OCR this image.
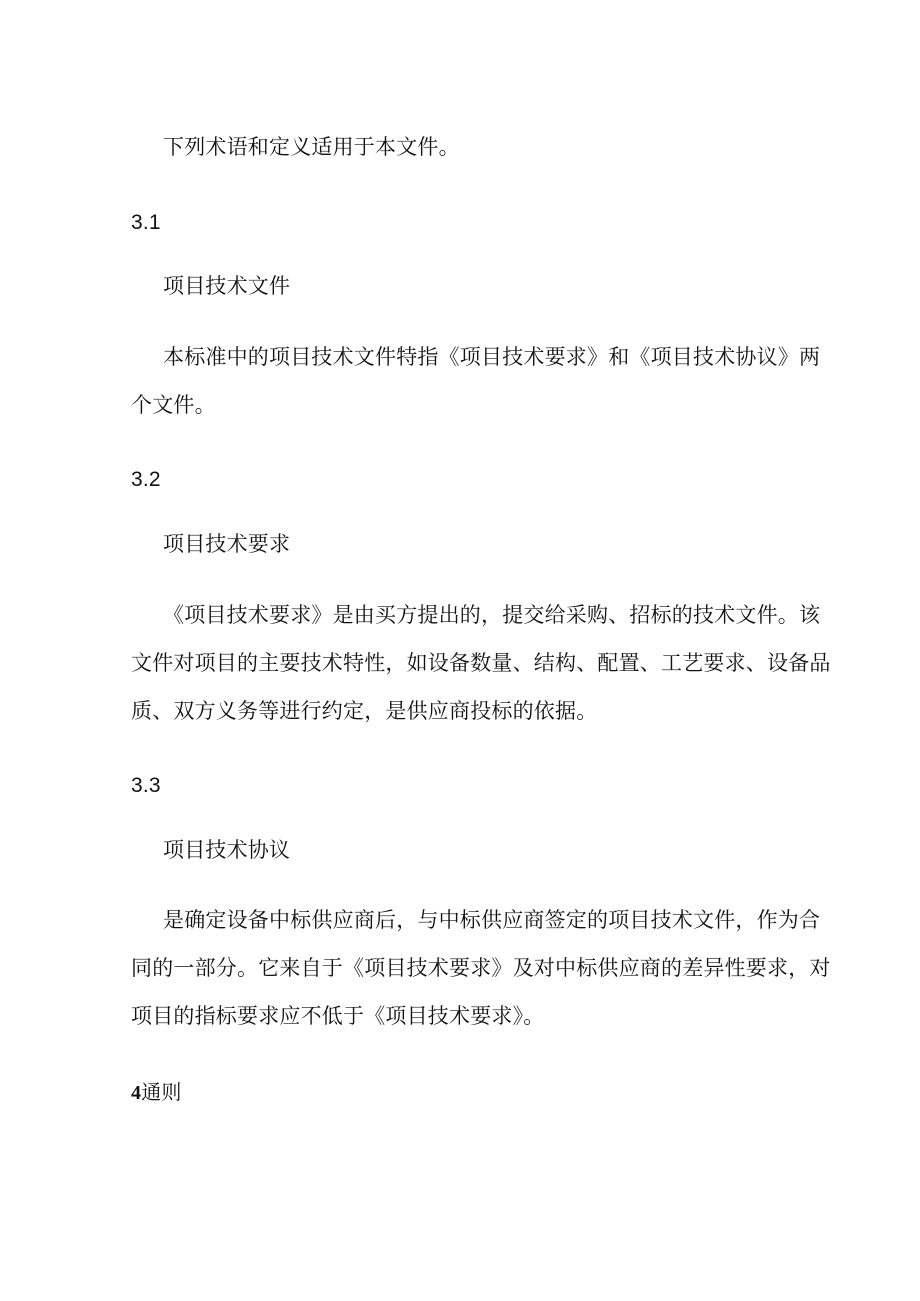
下列术语和定义适用于本文件。

3.1

项目技术文件

本标准中的项目技术文件特指《项目技术要求》和《项目技术协议》两
个文件。

3.2

项目技术要求

《项目技术要求》是由买方提出的，提交给采购、招标的技术文件。该
文件对项目的主要技术特性，如设备数量、结构、配置、工艺要求、设备品
质、双方义务等进行约定，是供应商投标的依据。

3.3

项目技术协议

是确定设备中标供应商后，与中标供应商签定的项目技术文件，作为合
同的一部分。它来自于《项目技术要求》及对中标供应商的差异性要求，对
项目的指标要求应不低于《项目技术要求》。

4通则
